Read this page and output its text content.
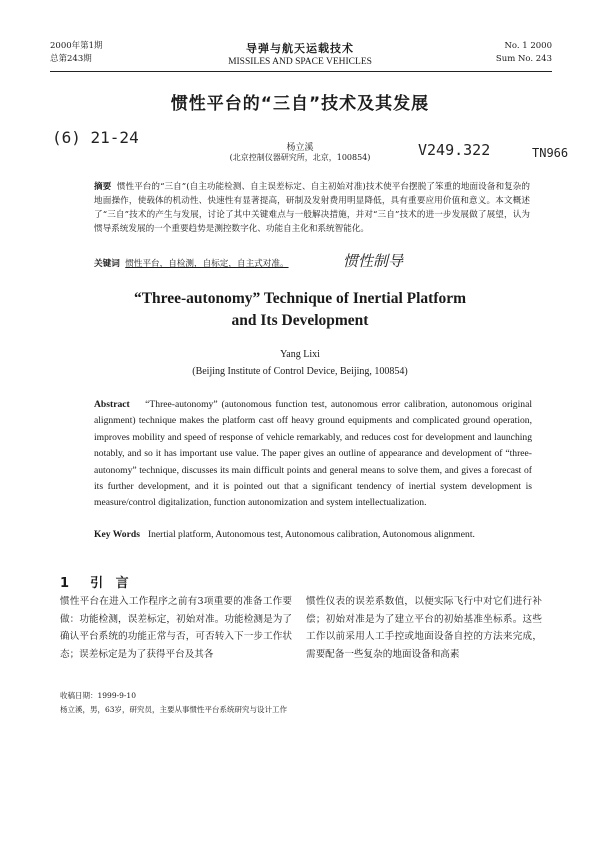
2000年第1期
总第243期
导弹与航天运载技术
MISSILES AND SPACE VEHICLES
No. 1 2000
Sum No. 243
惯性平台的“三自”技术及其发展
(6) 21-24
V249.322	TN966
杨立溪
(北京控制仪器研究所，北京，100854)
摘要 惯性平台的“三自”(自主功能检测、自主误差标定、自主初始对准)技术使平台摆脱了笨重的地面设备和复杂的地面操作，使载体的机动性、快速性有显著提高，研制及发射费用明显降低，具有重要应用价值和意义。本文概述了“三自”技术的产生与发展，讨论了其中关键难点与一般解决措施，并对“三自”技术的进一步发展做了展望，认为惯导系统发展的一个重要趋势是测控数字化、功能自主化和系统智能化。
关键词 惯性平台，自检测，自标定，自主式对准。	惯性制导
“Three-autonomy” Technique of Inertial Platform
and Its Development
Yang Lixi
(Beijing Institute of Control Device, Beijing, 100854)
Abstract “Three-autonomy” (autonomous function test, autonomous error calibration, autonomous original alignment) technique makes the platform cast off heavy ground equipments and complicated ground operation, improves mobility and speed of response of vehicle remarkably, and reduces cost for development and launching notably, and so it has important use value. The paper gives an outline of appearance and development of “three-autonomy” technique, discusses its main difficult points and general means to solve them, and gives a forecast of its further development, and it is pointed out that a significant tendency of inertial system development is measure/control digitalization, function autonomization and system intellectualization.
Key Words Inertial platform, Autonomous test, Autonomous calibration, Autonomous alignment.
1 引 言
惯性平台在进入工作程序之前有3项重要的准备工作要做：功能检测，误差标定，初始对准。功能检测是为了确认平台系统的功能正常与否，可否转入下一步工作状态；误差标定是为了获得平台及其各
惯性仪表的误差系数值，以便实际飞行中对它们进行补偿；初始对准是为了建立平台的初始基准坐标系。这些工作以前采用人工手控或地面设备自控的方法来完成，需要配备一些复杂的地面设备和高素
收稿日期：1999-9-10
杨立溪，男，63岁，研究员，主要从事惯性平台系统研究与设计工作
